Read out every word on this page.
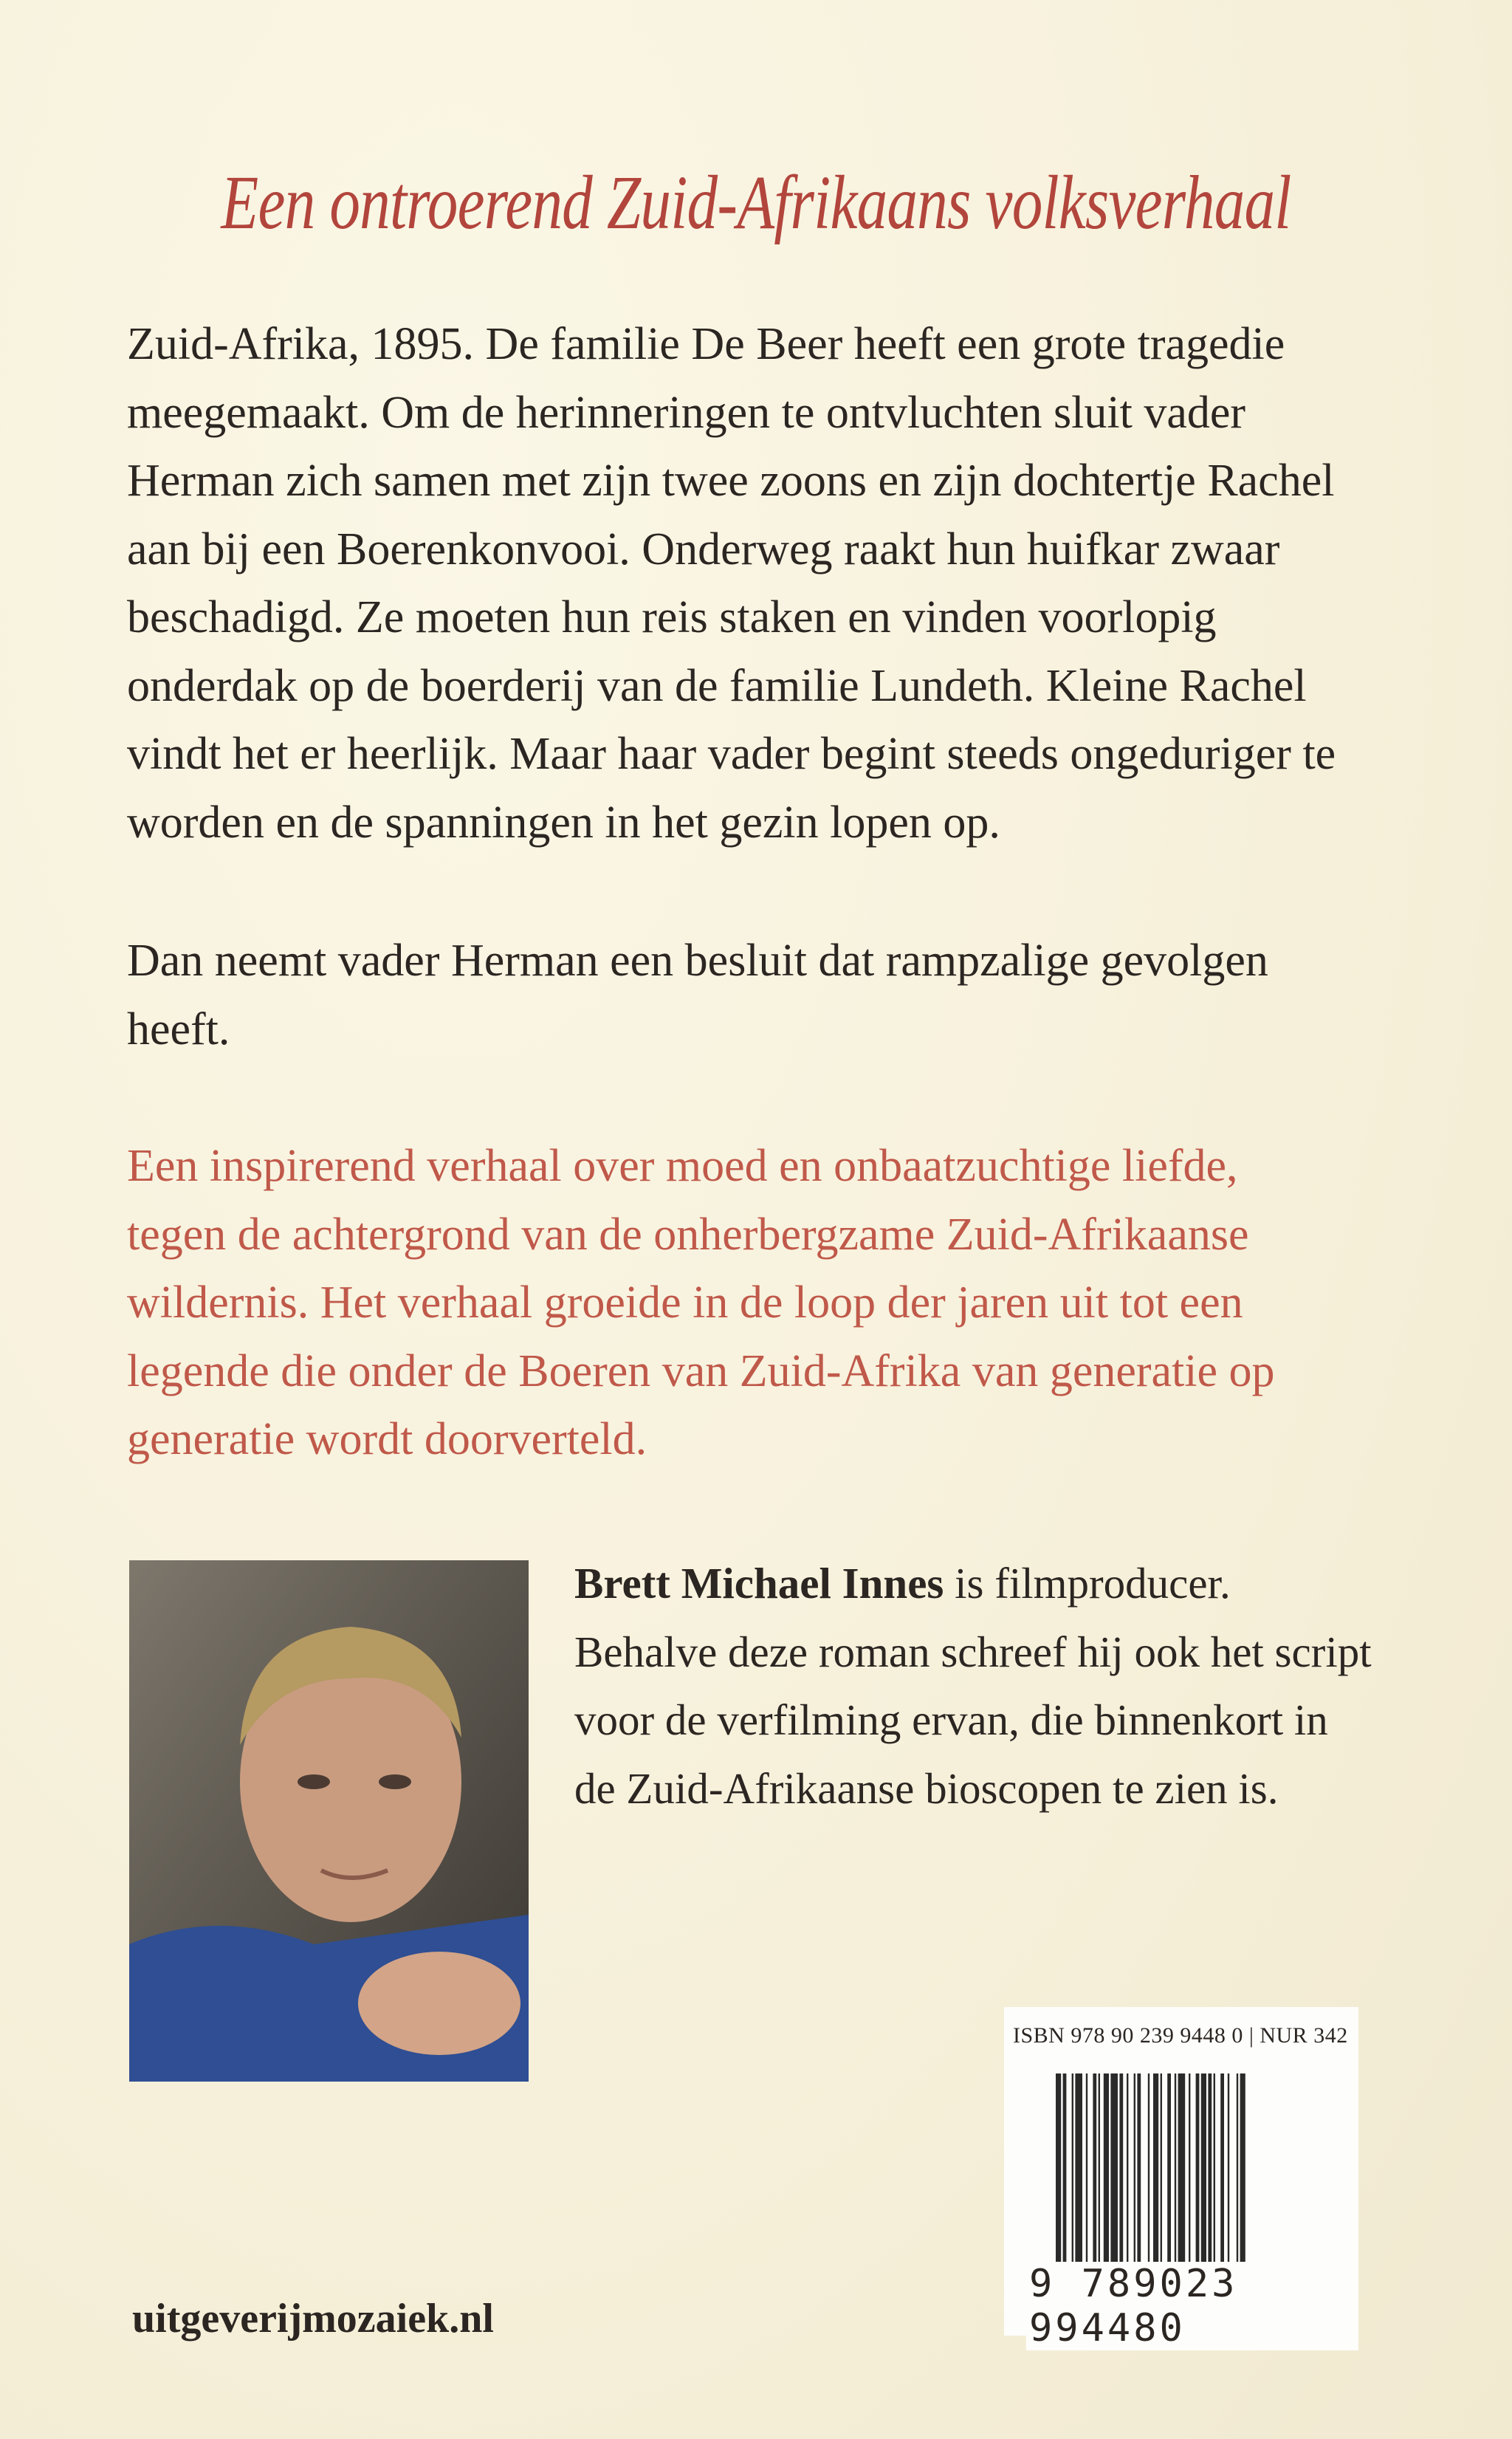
Een ontroerend Zuid-Afrikaans volksverhaal
Zuid-Afrika, 1895. De familie De Beer heeft een grote tragedie
meegemaakt. Om de herinneringen te ontvluchten sluit vader
Herman zich samen met zijn twee zoons en zijn dochtertje Rachel
aan bij een Boerenkonvooi. Onderweg raakt hun huifkar zwaar
beschadigd. Ze moeten hun reis staken en vinden voorlopig
onderdak op de boerderij van de familie Lundeth. Kleine Rachel
vindt het er heerlijk. Maar haar vader begint steeds ongeduriger te
worden en de spanningen in het gezin lopen op.
Dan neemt vader Herman een besluit dat rampzalige gevolgen
heeft.
Een inspirerend verhaal over moed en onbaatzuchtige liefde,
tegen de achtergrond van de onherbergzame Zuid-Afrikaanse
wildernis. Het verhaal groeide in de loop der jaren uit tot een
legende die onder de Boeren van Zuid-Afrika van generatie op
generatie wordt doorverteld.
Brett Michael Innes is filmproducer.
Behalve deze roman schreef hij ook het script
voor de verfilming ervan, die binnenkort in
de Zuid-Afrikaanse bioscopen te zien is.
ISBN 978 90 239 9448 0 | NUR 342
9 789023 994480
uitgeverijmozaiek.nl
